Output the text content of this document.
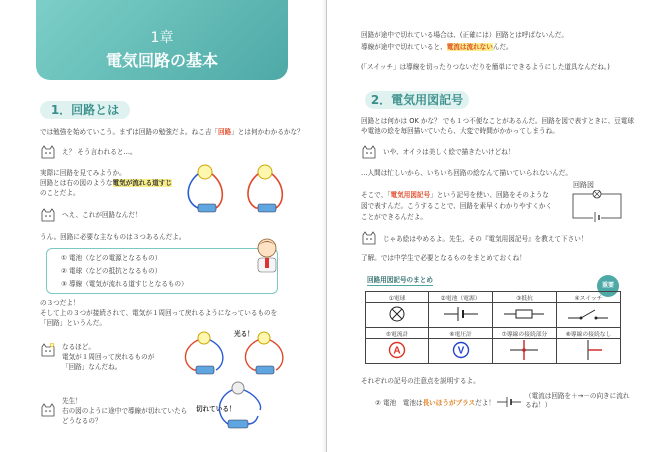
1章
電気回路の基本
1．回路とは
では勉強を始めていこう。まずは回路の勉強だよ。ねこ吉「回路」とは何かわかるかな？
え？ そう言われると…。
実際に回路を見てみようか。
回路とは右の図のような電気が流れる道すじ
のことだよ。
へえ、これが回路なんだ！
うん。回路に必要な主なものは３つあるんだよ。
① 電池（などの電源となるもの）
② 電球（などの抵抗となるもの）
③ 導線（電気が流れる道すじとなるもの）
の３つだよ！
そして上の３つが接続されて、電気が１周回って戻れるようになっているものを
「回路」というんだ。
なるほど。
電気が１周回って戻れるものが
「回路」なんだね。
光る！
先生！
右の図のように途中で導線が切れていたら
どうなるの？
切れている！
回路が途中で切れている場合は、(正確には）回路とは呼ばないんだ。
導線が途中で切れていると、電流は流れないんだ。
(「スイッチ」は導線を切ったりつないだりを簡単にできるようにした道具なんだね。)
2．電気用図記号
回路とは何かは OK かな？ でも１つ不便なことがあるんだ。回路を図で表すときに、豆電球
や電池の絵を毎回描いていたら、大変で時間がかかってしまうね。
いや、オイラは美しく絵で描きたいけどね！
…人間は忙しいから、いちいち回路の絵なんて描いていられないんだ。
そこで、「電気用図記号」という記号を使い、回路をそのような
図で表すんだ。こうすることで、回路を素早くわかりやすくかく
ことができるんだよ。
回路図
じゃあ絵はやめるよ。先生、その『電気用図記号』を教えて下さい！
了解。では中学生で必要となるものをまとめておくね！
回路用図記号のまとめ
重要
①電球	②電池（電源）	③抵抗	④スイッチ

⑤電流計	⑥電圧計	⑦導線の接続部分	⑧導線の接続なし

A	V

それぞれの記号の注意点を説明するよ。
② 電池　電池は長いほうがプラスだよ！
（電流は回路を＋→－の向きに流れるね！）
